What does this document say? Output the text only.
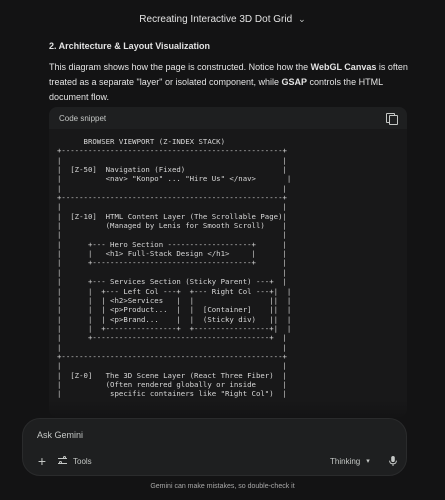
Recreating Interactive 3D Dot Grid ⌄
2. Architecture & Layout Visualization

This diagram shows how the page is constructed. Notice how the WebGL Canvas is often treated as a separate "layer" or isolated component, while GSAP controls the HTML document flow.

Code snippet
BROWSER VIEWPORT (Z-INDEX STACK)
+--------------------------------------------------+
|                                                  |
|  [Z-50]  Navigation (Fixed)                      |
|          <nav> "Konpo" ... "Hire Us" </nav>       |
|                                                  |
+--------------------------------------------------+
|                                                  |
|  [Z-10]  HTML Content Layer (The Scrollable Page)|
|          (Managed by Lenis for Smooth Scroll)    |
|                                                  |
|      +--- Hero Section -------------------+      |
|      |   <h1> Full-Stack Design </h1>     |      |
|      +------------------------------------+      |
|                                                  |
|      +--- Services Section (Sticky Parent) ---+  |
|      |  +--- Left Col ---+  +--- Right Col ---+|  |
|      |  | <h2>Services   |  |                 ||  |
|      |  | <p>Product...  |  |  [Container]    ||  |
|      |  | <p>Brand...    |  |  (Sticky div)   ||  |
|      |  +----------------+  +-----------------+|  |
|      +----------------------------------------+  |
|                                                  |
+--------------------------------------------------+
|                                                  |
|  [Z-0]   The 3D Scene Layer (React Three Fiber)  |
|          (Often rendered globally or inside      |
|           specific containers like "Right Col")  |
Ask Gemini
+	Tools	Thinking ▾
Gemini can make mistakes, so double-check it
